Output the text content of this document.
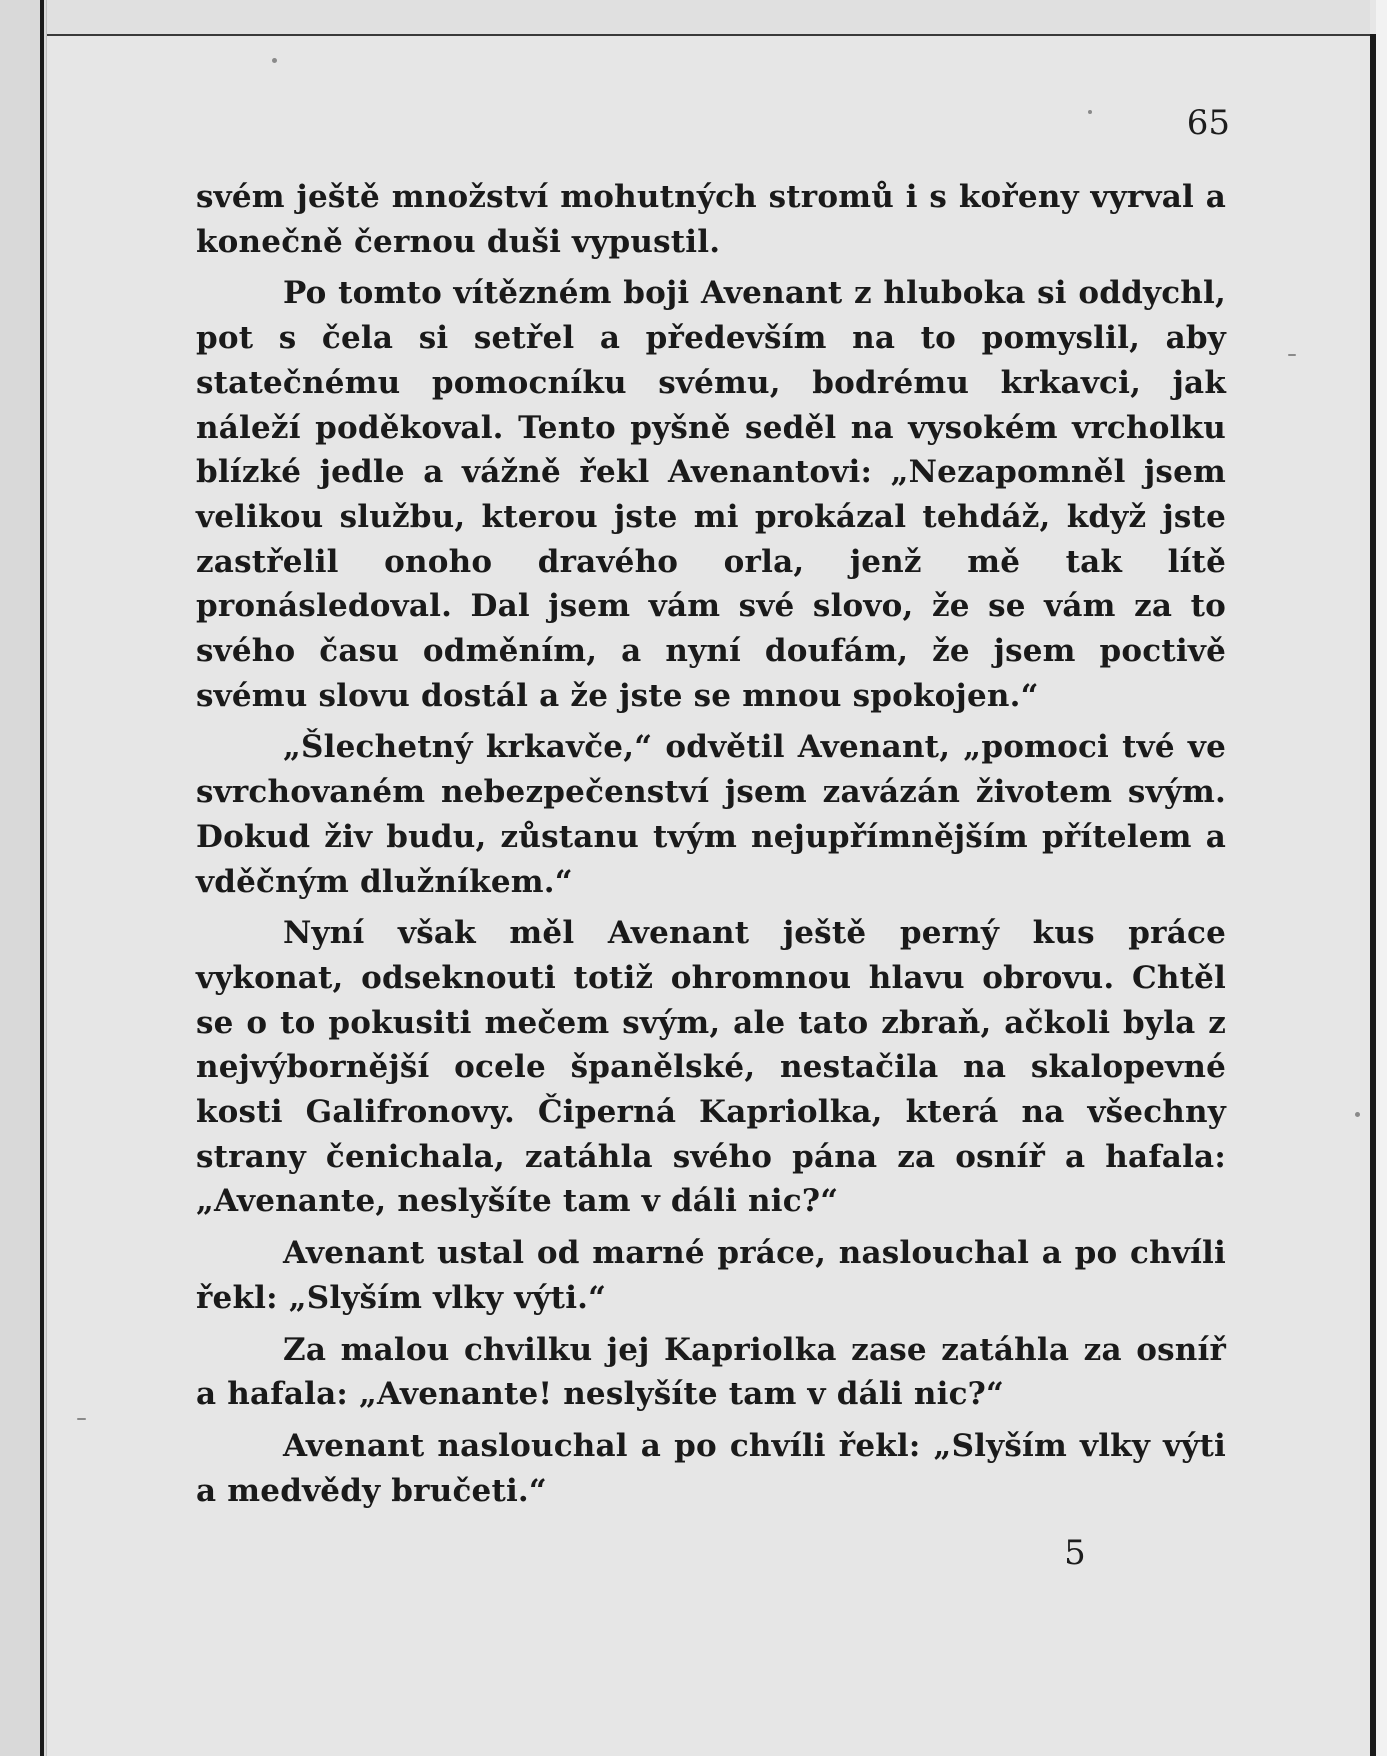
65

svém ještě množství mohutných stromů i s kořeny vyrval a konečně černou duši vypustil.

Po tomto vítězném boji Avenant z hluboka si oddychl, pot s čela si setřel a především na to pomyslil, aby statečnému pomocníku svému, bodrému krkavci, jak náleží poděkoval. Tento pyšně seděl na vysokém vrcholku blízké jedle a vážně řekl Avenantovi: „Nezapomněl jsem velikou službu, kterou jste mi prokázal tehdáž, když jste zastřelil onoho dravého orla, jenž mě tak lítě pronásledoval. Dal jsem vám své slovo, že se vám za to svého času odměním, a nyní doufám, že jsem poctivě svému slovu dostál a že jste se mnou spokojen.“

„Šlechetný krkavče,“ odvětil Avenant, „pomoci tvé ve svrchovaném nebezpečenství jsem zavázán životem svým. Dokud živ budu, zůstanu tvým nejupřímnějším přítelem a vděčným dlužníkem.“

Nyní však měl Avenant ještě perný kus práce vykonat, odseknouti totiž ohromnou hlavu obrovu. Chtěl se o to pokusiti mečem svým, ale tato zbraň, ačkoli byla z nejvýbornější ocele španělské, nestačila na skalopevné kosti Galifronovy. Čiperná Kapriolka, která na všechny strany čenichala, zatáhla svého pána za osníř a hafala: „Avenante, neslyšíte tam v dáli nic?“

Avenant ustal od marné práce, naslouchal a po chvíli řekl: „Slyším vlky výti.“

Za malou chvilku jej Kapriolka zase zatáhla za osníř a hafala: „Avenante! neslyšíte tam v dáli nic?“

Avenant naslouchal a po chvíli řekl: „Slyším vlky výti a medvědy bručeti.“

5
